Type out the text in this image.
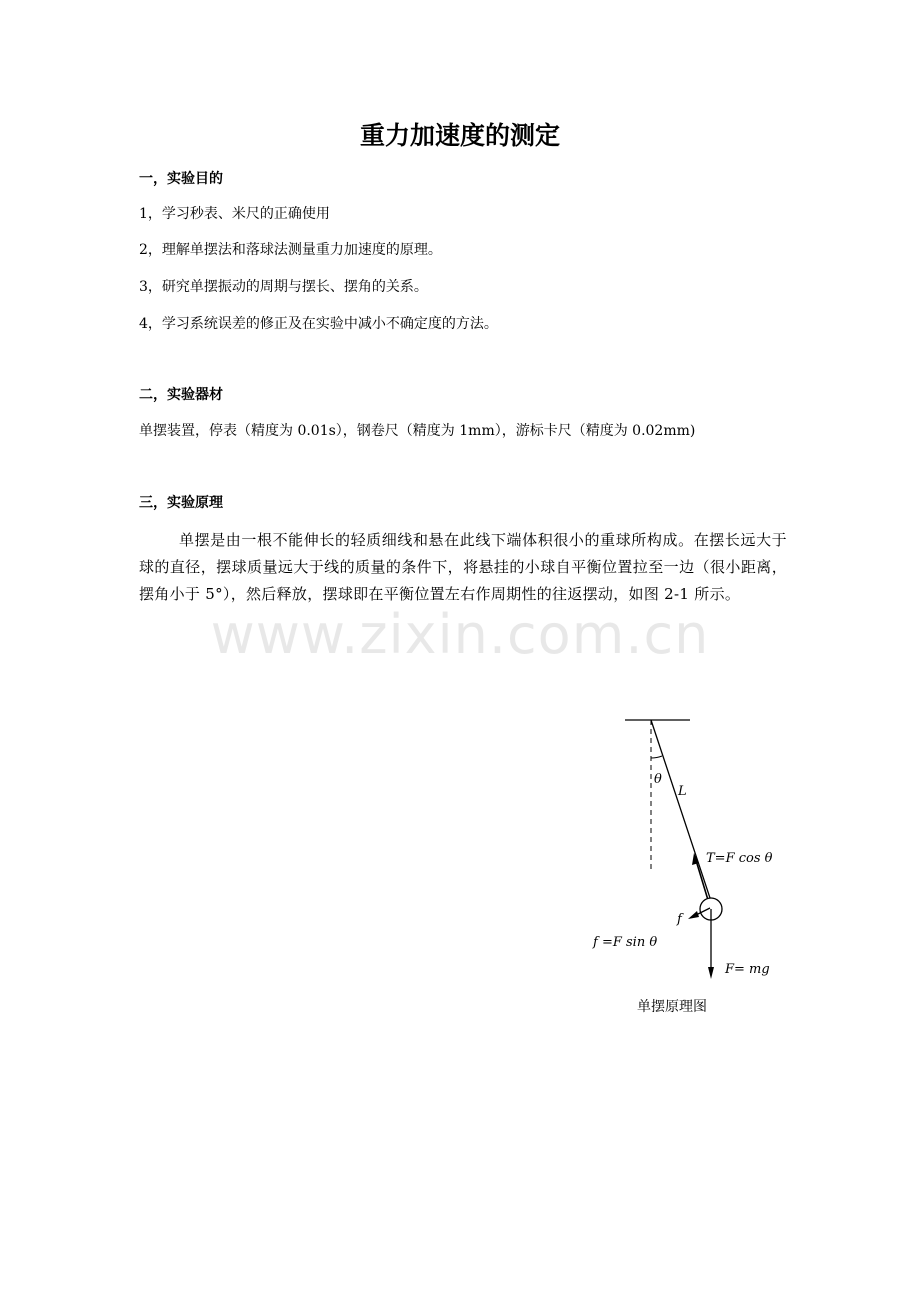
重力加速度的测定
一，实验目的
1，学习秒表、米尺的正确使用
2，理解单摆法和落球法测量重力加速度的原理。
3，研究单摆振动的周期与摆长、摆角的关系。
4，学习系统误差的修正及在实验中减小不确定度的方法。
二，实验器材
单摆装置，停表（精度为 0.01s），钢卷尺（精度为 1mm），游标卡尺（精度为 0.02mm)
三，实验原理
单摆是由一根不能伸长的轻质细线和悬在此线下端体积很小的重球所构成。在摆长远大于球的直径，摆球质量远大于线的质量的条件下，将悬挂的小球自平衡位置拉至一边（很小距离，摆角小于 5°），然后释放，摆球即在平衡位置左右作周期性的往返摆动，如图 2-1 所示。
www.zixin.com.cn
θ
L
T=F cos θ
f
f =F sin θ
F= mg
单摆原理图
